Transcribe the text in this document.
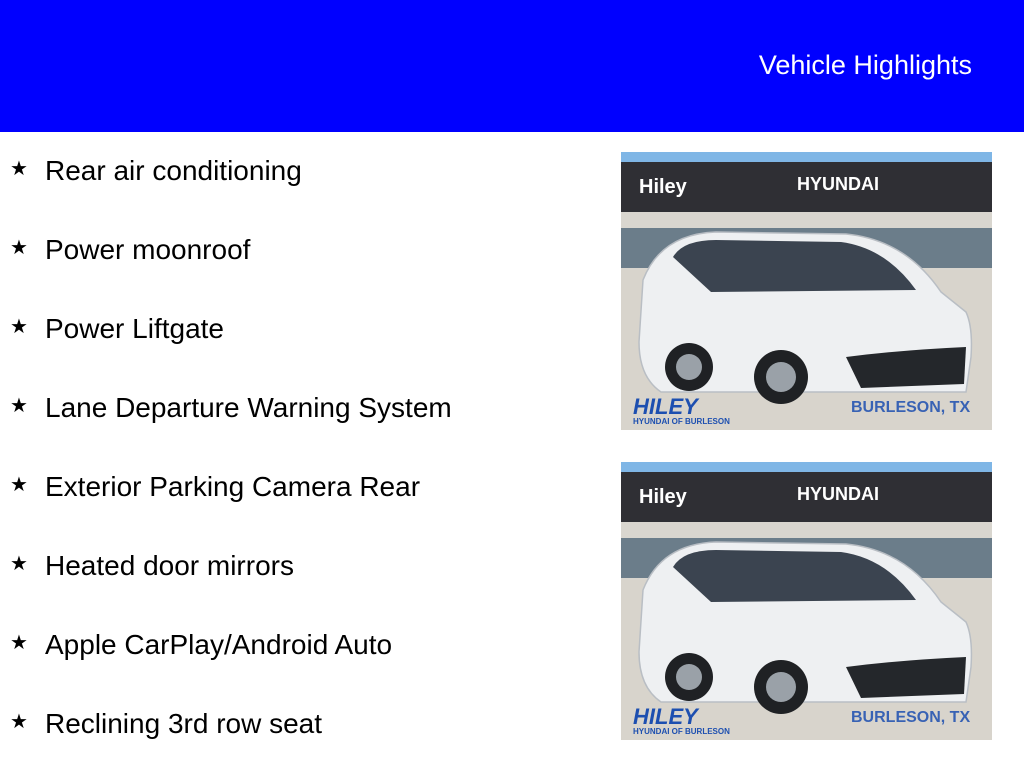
Vehicle Highlights
★ Rear air conditioning
★ Power moonroof
★ Power Liftgate
★ Lane Departure Warning System
★ Exterior Parking Camera Rear
★ Heated door mirrors
★ Apple CarPlay/Android Auto
★ Reclining 3rd row seat
Hiley	HYUNDAI
HILEY
HYUNDAI OF BURLESON
BURLESON, TX
Hiley	HYUNDAI
HILEY
HYUNDAI OF BURLESON
BURLESON, TX
